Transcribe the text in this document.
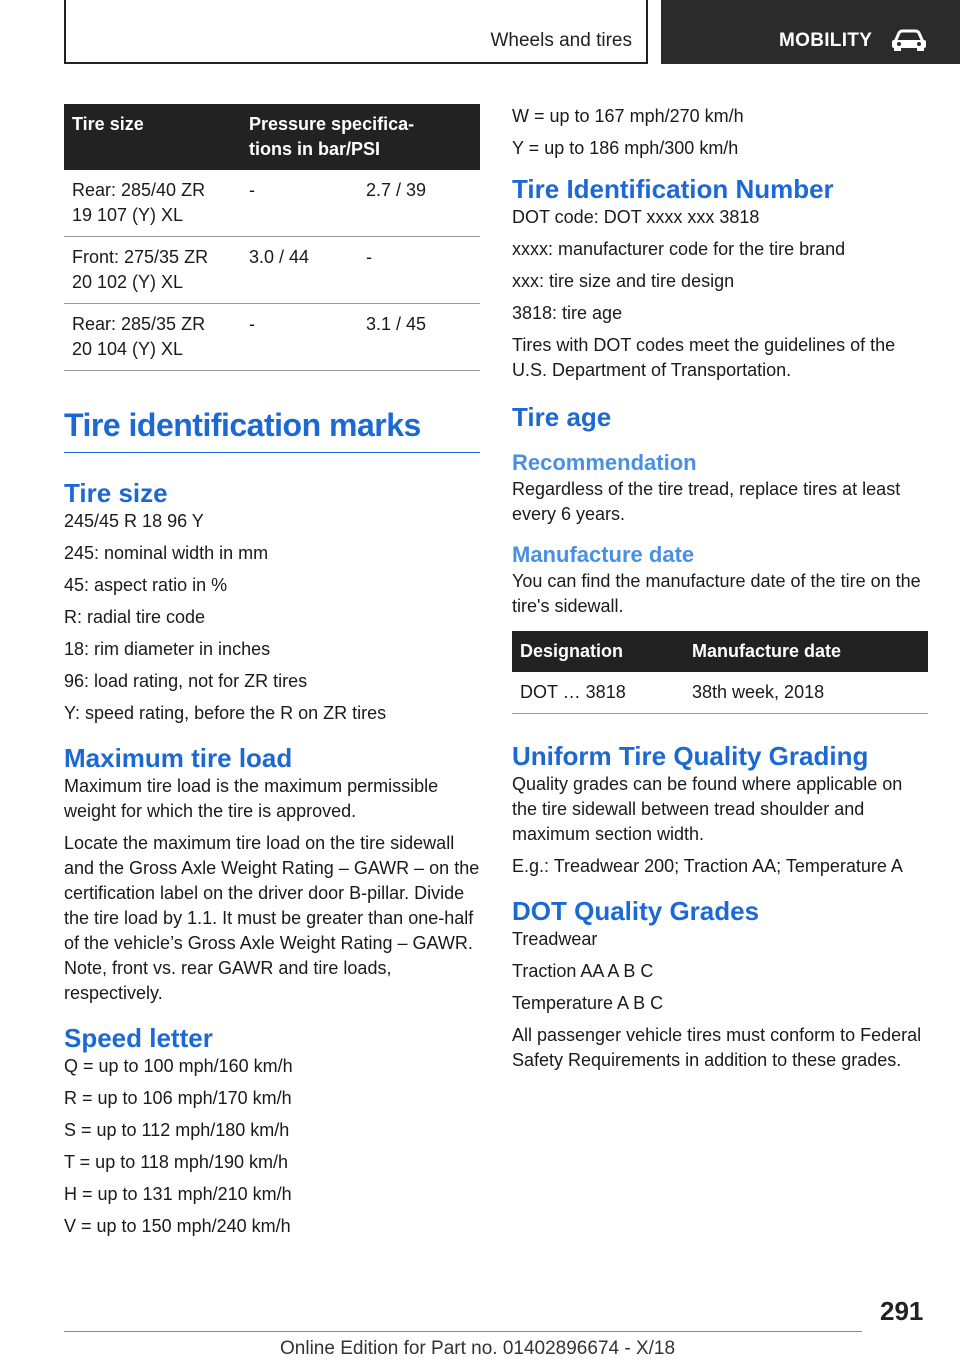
Wheels and tires	MOBILITY
Tire size	Pressure specifica-
tions in bar/PSI	
Rear: 285/40 ZR
19 107 (Y) XL	-	2.7 / 39
Front: 275/35 ZR
20 102 (Y) XL	3.0 / 44	-
Rear: 285/35 ZR
20 104 (Y) XL	-	3.1 / 45
Tire identification marks
Tire size

245/45 R 18 96 Y

245: nominal width in mm

45: aspect ratio in %

R: radial tire code

18: rim diameter in inches

96: load rating, not for ZR tires

Y: speed rating, before the R on ZR tires

Maximum tire load

Maximum tire load is the maximum permissible weight for which the tire is approved.

Locate the maximum tire load on the tire sidewall and the Gross Axle Weight Rating – GAWR – on the certification label on the driver door B-pillar. Divide the tire load by 1.1. It must be greater than one-half of the vehicle’s Gross Axle Weight Rating – GAWR. Note, front vs. rear GAWR and tire loads, respectively.

Speed letter

Q = up to 100 mph/160 km/h

R = up to 106 mph/170 km/h

S = up to 112 mph/180 km/h

T = up to 118 mph/190 km/h

H = up to 131 mph/210 km/h

V = up to 150 mph/240 km/h

W = up to 167 mph/270 km/h

Y = up to 186 mph/300 km/h

Tire Identification Number

DOT code: DOT xxxx xxx 3818

xxxx: manufacturer code for the tire brand

xxx: tire size and tire design

3818: tire age

Tires with DOT codes meet the guidelines of the U.S. Department of Transportation.

Tire age
Recommendation

Regardless of the tire tread, replace tires at least every 6 years.

Manufacture date

You can find the manufacture date of the tire on the tire's sidewall.

Designation	Manufacture date
DOT … 3818	38th week, 2018
Uniform Tire Quality Grading

Quality grades can be found where applicable on the tire sidewall between tread shoulder and maximum section width.

E.g.: Treadwear 200; Traction AA; Temperature A

DOT Quality Grades

Treadwear

Traction AA A B C

Temperature A B C

All passenger vehicle tires must conform to Federal Safety Requirements in addition to these grades.

291
Online Edition for Part no. 01402896674 - X/18
